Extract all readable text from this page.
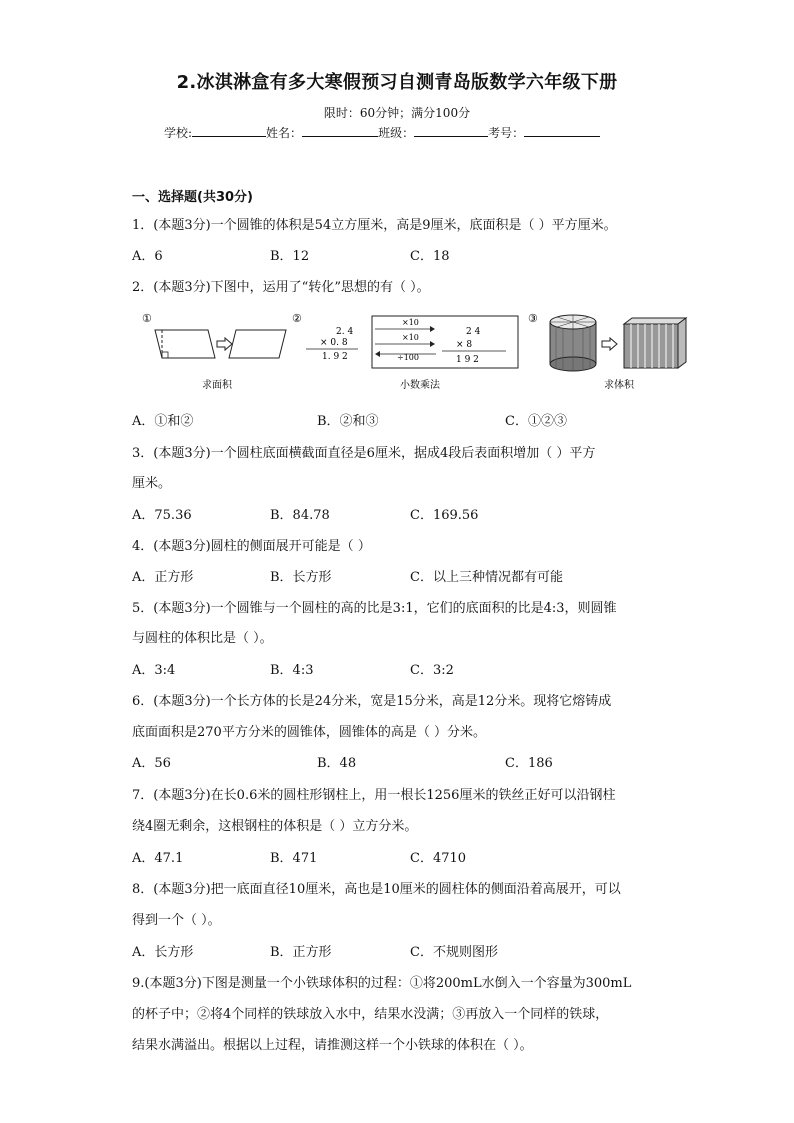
2.冰淇淋盒有多大寒假预习自测青岛版数学六年级下册
限时：60分钟；满分100分
学校:	姓名：	班级：	考号：
一、选择题(共30分)
1．(本题3分)一个圆锥的体积是54立方厘米，高是9厘米，底面积是（ ）平方厘米。
A．6	B．12	C．18
2．(本题3分)下图中，运用了“转化”思想的有（ ）。
①
求面积
②
2. 4
× 0. 8
1. 9 2
×10
×10
÷100
2 4
× 8
1 9 2
小数乘法
③
求体积
A．①和②	B．②和③	C．①②③
3．(本题3分)一个圆柱底面横截面直径是6厘米，据成4段后表面积增加（ ）平方
厘米。
A．75.36	B．84.78	C．169.56
4．(本题3分)圆柱的侧面展开可能是（ ）
A．正方形	B．长方形	C．以上三种情况都有可能
5．(本题3分)一个圆锥与一个圆柱的高的比是3:1，它们的底面积的比是4:3，则圆锥
与圆柱的体积比是（ ）。
A．3:4	B．4:3	C．3:2
6．(本题3分)一个长方体的长是24分米，宽是15分米，高是12分米。现将它熔铸成
底面面积是270平方分米的圆锥体，圆锥体的高是（ ）分米。
A．56	B．48	C．186
7．(本题3分)在长0.6米的圆柱形钢柱上，用一根长1256厘米的铁丝正好可以沿钢柱
绕4圈无剩余，这根钢柱的体积是（ ）立方分米。
A．47.1	B．471	C．4710
8．(本题3分)把一底面直径10厘米，高也是10厘米的圆柱体的侧面沿着高展开，可以
得到一个（ ）。
A．长方形	B．正方形	C．不规则图形
9.(本题3分)下图是测量一个小铁球体积的过程：①将200mL水倒入一个容量为300mL
的杯子中；②将4个同样的铁球放入水中，结果水没满；③再放入一个同样的铁球，
结果水满溢出。根据以上过程，请推测这样一个小铁球的体积在（ ）。
